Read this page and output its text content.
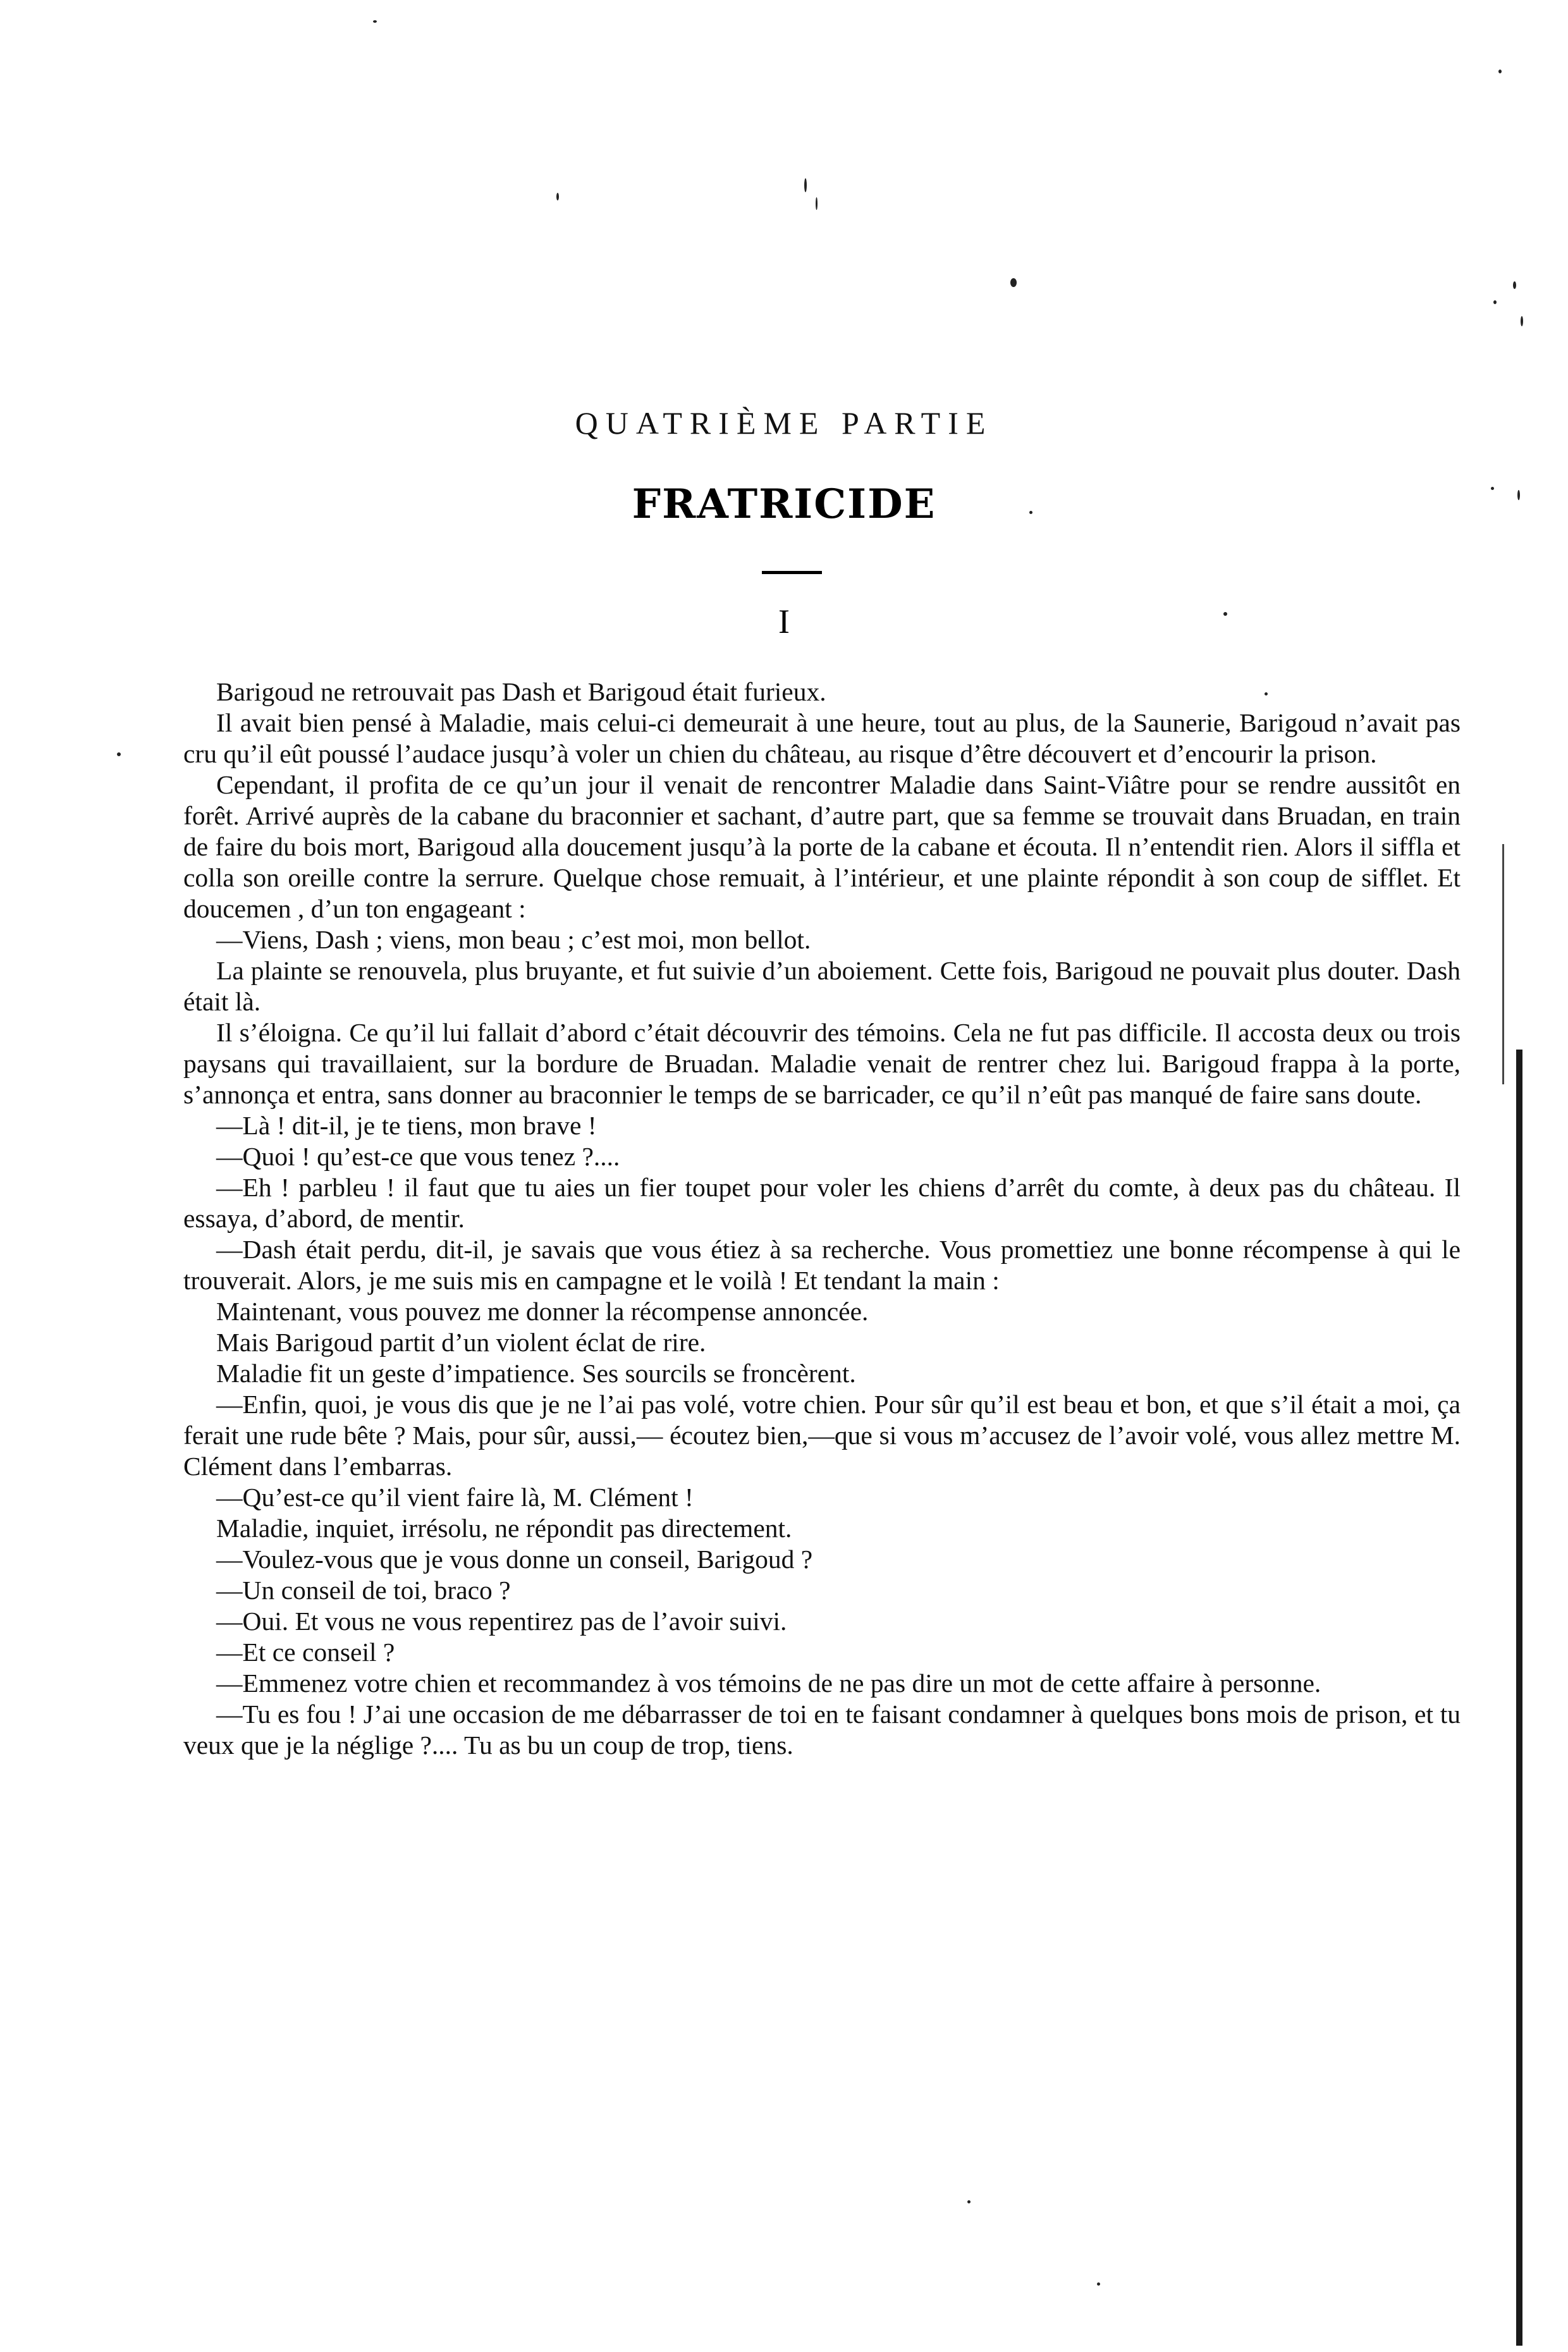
QUATRIÈME PARTIE
FRATRICIDE
I

Barigoud ne retrouvait pas Dash et Barigoud était furieux.

Il avait bien pensé à Maladie, mais celui-ci demeurait à une heure, tout au plus, de la Saunerie, Barigoud n’avait pas cru qu’il eût poussé l’audace jusqu’à voler un chien du château, au risque d’être découvert et d’encourir la prison.

Cependant, il profita de ce qu’un jour il venait de rencontrer Maladie dans Saint-Viâtre pour se rendre aussitôt en forêt. Arrivé auprès de la cabane du braconnier et sachant, d’autre part, que sa femme se trouvait dans Bruadan, en train de faire du bois mort, Barigoud alla doucement jusqu’à la porte de la cabane et écouta. Il n’entendit rien. Alors il siffla et colla son oreille contre la serrure. Quelque chose remuait, à l’intérieur, et une plainte répondit à son coup de sifflet. Et doucemen , d’un ton engageant :

—Viens, Dash ; viens, mon beau ; c’est moi, mon bellot.

La plainte se renouvela, plus bruyante, et fut suivie d’un aboiement. Cette fois, Barigoud ne pouvait plus douter. Dash était là.

Il s’éloigna. Ce qu’il lui fallait d’abord c’était découvrir des témoins. Cela ne fut pas difficile. Il accosta deux ou trois paysans qui travaillaient, sur la bordure de Bruadan. Maladie venait de rentrer chez lui. Barigoud frappa à la porte, s’annonça et entra, sans donner au braconnier le temps de se barricader, ce qu’il n’eût pas manqué de faire sans doute.

—Là ! dit-il, je te tiens, mon brave !

—Quoi ! qu’est-ce que vous tenez ?....

—Eh ! parbleu ! il faut que tu aies un fier toupet pour voler les chiens d’arrêt du comte, à deux pas du château. Il essaya, d’abord, de mentir.

—Dash était perdu, dit-il, je savais que vous étiez à sa recherche. Vous promettiez une bonne récompense à qui le trouverait. Alors, je me suis mis en campagne et le voilà ! Et tendant la main :

Maintenant, vous pouvez me donner la récompense annoncée.

Mais Barigoud partit d’un violent éclat de rire.

Maladie fit un geste d’impatience. Ses sourcils se froncèrent.

—Enfin, quoi, je vous dis que je ne l’ai pas volé, votre chien. Pour sûr qu’il est beau et bon, et que s’il était a moi, ça ferait une rude bête ? Mais, pour sûr, aussi,— écoutez bien,—que si vous m’accusez de l’avoir volé, vous allez mettre M. Clément dans l’embarras.

—Qu’est-ce qu’il vient faire là, M. Clément !

Maladie, inquiet, irrésolu, ne répondit pas directement.

—Voulez-vous que je vous donne un conseil, Barigoud ?

—Un conseil de toi, braco ?

—Oui. Et vous ne vous repentirez pas de l’avoir suivi.

—Et ce conseil ?

—Emmenez votre chien et recommandez à vos témoins de ne pas dire un mot de cette affaire à personne.

—Tu es fou ! J’ai une occasion de me débarrasser de toi en te faisant condamner à quelques bons mois de prison, et tu veux que je la néglige ?.... Tu as bu un coup de trop, tiens.
